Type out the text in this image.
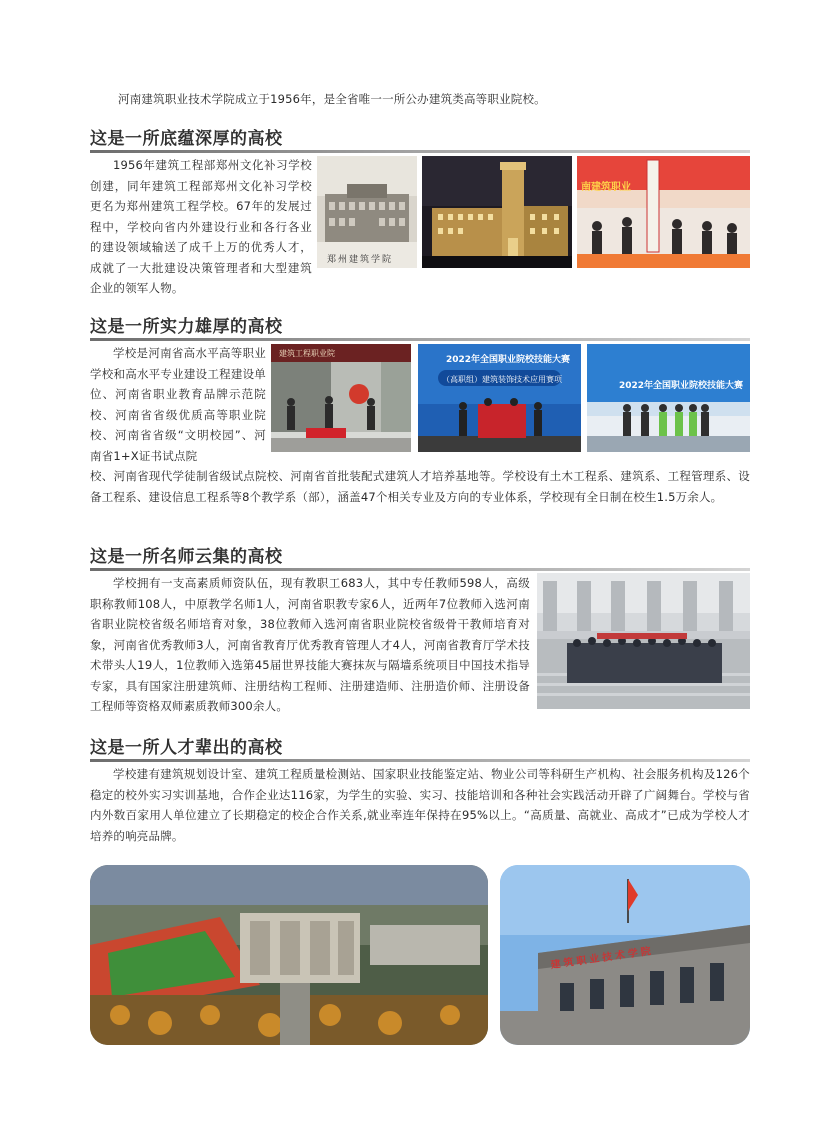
河南建筑职业技术学院成立于1956年，是全省唯一一所公办建筑类高等职业院校。

这是一所底蕴深厚的高校

1956年建筑工程部郑州文化补习学校创建，同年建筑工程部郑州文化补习学校更名为郑州建筑工程学校。67年的发展过程中，学校向省内外建设行业和各行各业的建设领域输送了成千上万的优秀人才，成就了一大批建设决策管理者和大型建筑企业的领军人物。

郑州建筑学院
南建筑职业
这是一所实力雄厚的高校

学校是河南省高水平高等职业学校和高水平专业建设工程建设单位、河南省职业教育品牌示范院校、河南省省级优质高等职业院校、河南省省级“文明校园”、河南省1+X证书试点院

校、河南省现代学徒制省级试点院校、河南省首批装配式建筑人才培养基地等。学校设有土木工程系、建筑系、工程管理系、设备工程系、建设信息工程系等8个教学系（部），涵盖47个相关专业及方向的专业体系，学校现有全日制在校生1.5万余人。

建筑工程职业院
2022年全国职业院校技能大赛
（高职组）建筑装饰技术应用赛项
2022年全国职业院校技能大赛
这是一所名师云集的高校

学校拥有一支高素质师资队伍，现有教职工683人，其中专任教师598人，高级职称教师108人，中原教学名师1人，河南省职教专家6人，近两年7位教师入选河南省职业院校省级名师培育对象，38位教师入选河南省职业院校省级骨干教师培育对象，河南省优秀教师3人，河南省教育厅优秀教育管理人才4人，河南省教育厅学术技术带头人19人，1位教师入选第45届世界技能大赛抹灰与隔墙系统项目中国技术指导专家，具有国家注册建筑师、注册结构工程师、注册建造师、注册造价师、注册设备工程师等资格双师素质教师300余人。

这是一所人才辈出的高校

学校建有建筑规划设计室、建筑工程质量检测站、国家职业技能鉴定站、物业公司等科研生产机构、社会服务机构及126个稳定的校外实习实训基地，合作企业达116家，为学生的实验、实习、技能培训和各种社会实践活动开辟了广阔舞台。学校与省内外数百家用人单位建立了长期稳定的校企合作关系,就业率连年保持在95%以上。“高质量、高就业、高成才”已成为学校人才培养的响亮品牌。

建筑职业技术学院
